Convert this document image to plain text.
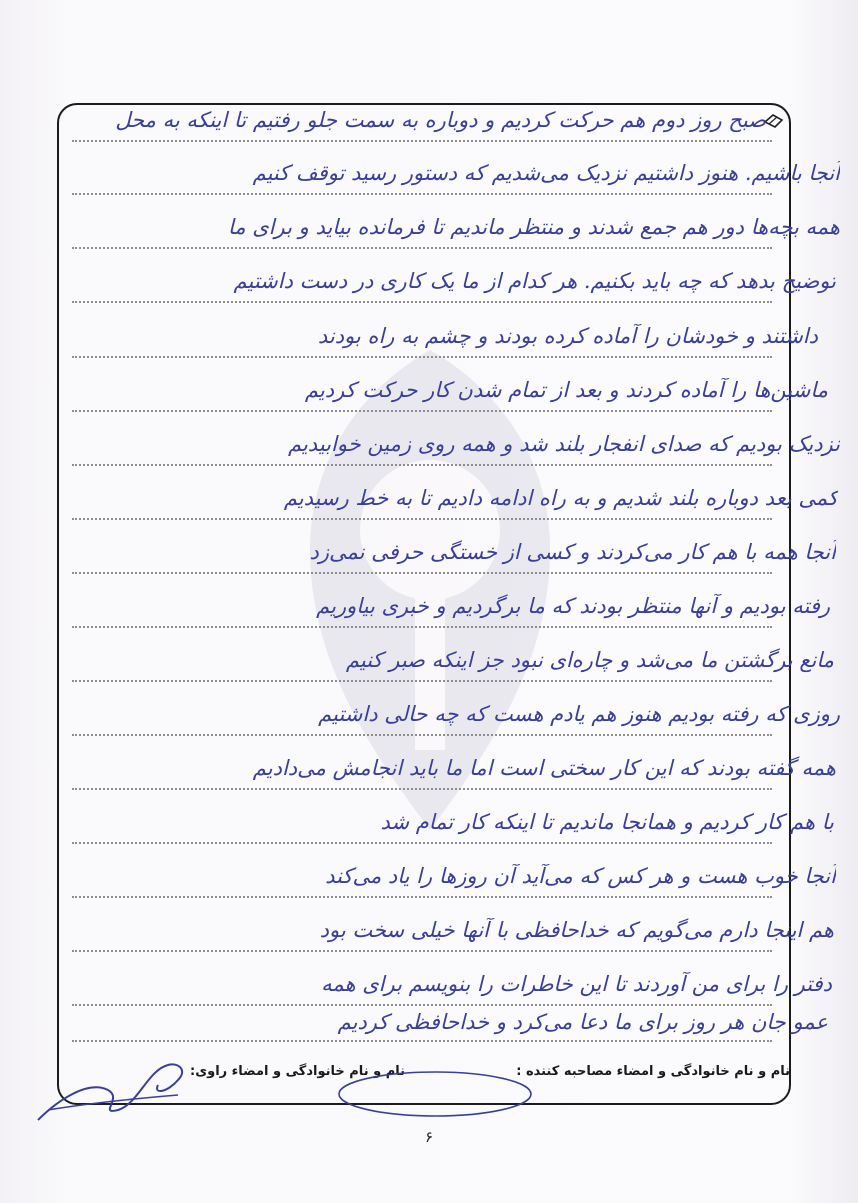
صبح روز دوم هم حرکت کردیم و دوباره به سمت جلو رفتیم تا اینکه به محل
آنجا باشیم. هنوز داشتیم نزدیک می‌شدیم که دستور رسید توقف کنیم
همه بچه‌ها دور هم جمع شدند و منتظر ماندیم تا فرمانده بیاید و برای ما
توضیح بدهد که چه باید بکنیم. هر کدام از ما یک کاری در دست داشتیم
داشتند و خودشان را آماده کرده بودند و چشم به راه بودند
ماشین‌ها را آماده کردند و بعد از تمام شدن کار حرکت کردیم
نزدیک بودیم که صدای انفجار بلند شد و همه روی زمین خوابیدیم
کمی بعد دوباره بلند شدیم و به راه ادامه دادیم تا به خط رسیدیم
آنجا همه با هم کار می‌کردند و کسی از خستگی حرفی نمی‌زد
رفته بودیم و آنها منتظر بودند که ما برگردیم و خبری بیاوریم
مانع برگشتن ما می‌شد و چاره‌ای نبود جز اینکه صبر کنیم
روزی که رفته بودیم هنوز هم یادم هست که چه حالی داشتیم
همه گفته بودند که این کار سختی است اما ما باید انجامش می‌دادیم
با هم کار کردیم و همانجا ماندیم تا اینکه کار تمام شد
آنجا خوب هست و هر کس که می‌آید آن روزها را یاد می‌کند
هم اینجا دارم می‌گویم که خداحافظی با آنها خیلی سخت بود
دفتر را برای من آوردند تا این خاطرات را بنویسم برای همه
عمو جان هر روز برای ما دعا می‌کرد و خداحافظی کردیم
نام و نام خانوادگی و امضاء مصاحبه کننده :
نام و نام خانوادگی و امضاء راوی:
۶
